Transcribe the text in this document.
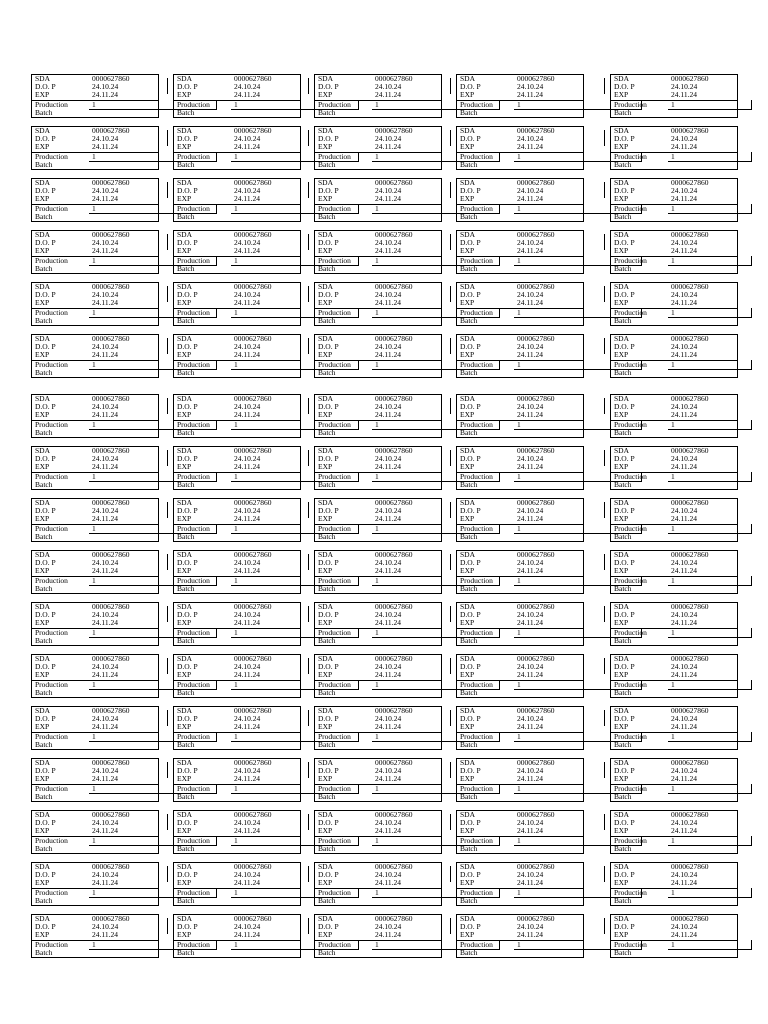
SDA	0000627860
D.O. P	24.10.24
EXP	24.11.24
Production	1
Batch
SDA	0000627860
D.O. P	24.10.24
EXP	24.11.24
Production	1
Batch
SDA	0000627860
D.O. P	24.10.24
EXP	24.11.24
Production	1
Batch
SDA	0000627860
D.O. P	24.10.24
EXP	24.11.24
Production	1
Batch
SDA	0000627860
D.O. P	24.10.24
EXP	24.11.24
Production	1
Batch
SDA	0000627860
D.O. P	24.10.24
EXP	24.11.24
Production	1
Batch
SDA	0000627860
D.O. P	24.10.24
EXP	24.11.24
Production	1
Batch
SDA	0000627860
D.O. P	24.10.24
EXP	24.11.24
Production	1
Batch
SDA	0000627860
D.O. P	24.10.24
EXP	24.11.24
Production	1
Batch
SDA	0000627860
D.O. P	24.10.24
EXP	24.11.24
Production	1
Batch
SDA	0000627860
D.O. P	24.10.24
EXP	24.11.24
Production	1
Batch
SDA	0000627860
D.O. P	24.10.24
EXP	24.11.24
Production	1
Batch
SDA	0000627860
D.O. P	24.10.24
EXP	24.11.24
Production	1
Batch
SDA	0000627860
D.O. P	24.10.24
EXP	24.11.24
Production	1
Batch
SDA	0000627860
D.O. P	24.10.24
EXP	24.11.24
Production	1
Batch
SDA	0000627860
D.O. P	24.10.24
EXP	24.11.24
Production	1
Batch
SDA	0000627860
D.O. P	24.10.24
EXP	24.11.24
Production	1
Batch
SDA	0000627860
D.O. P	24.10.24
EXP	24.11.24
Production	1
Batch
SDA	0000627860
D.O. P	24.10.24
EXP	24.11.24
Production	1
Batch
SDA	0000627860
D.O. P	24.10.24
EXP	24.11.24
Production	1
Batch
SDA	0000627860
D.O. P	24.10.24
EXP	24.11.24
Production	1
Batch
SDA	0000627860
D.O. P	24.10.24
EXP	24.11.24
Production	1
Batch
SDA	0000627860
D.O. P	24.10.24
EXP	24.11.24
Production	1
Batch
SDA	0000627860
D.O. P	24.10.24
EXP	24.11.24
Production	1
Batch
SDA	0000627860
D.O. P	24.10.24
EXP	24.11.24
Production	1
Batch
SDA	0000627860
D.O. P	24.10.24
EXP	24.11.24
Production	1
Batch
SDA	0000627860
D.O. P	24.10.24
EXP	24.11.24
Production	1
Batch
SDA	0000627860
D.O. P	24.10.24
EXP	24.11.24
Production	1
Batch
SDA	0000627860
D.O. P	24.10.24
EXP	24.11.24
Production	1
Batch
SDA	0000627860
D.O. P	24.10.24
EXP	24.11.24
Production	1
Batch
SDA	0000627860
D.O. P	24.10.24
EXP	24.11.24
Production	1
Batch
SDA	0000627860
D.O. P	24.10.24
EXP	24.11.24
Production	1
Batch
SDA	0000627860
D.O. P	24.10.24
EXP	24.11.24
Production	1
Batch
SDA	0000627860
D.O. P	24.10.24
EXP	24.11.24
Production	1
Batch
SDA	0000627860
D.O. P	24.10.24
EXP	24.11.24
Production	1
Batch
SDA	0000627860
D.O. P	24.10.24
EXP	24.11.24
Production	1
Batch
SDA	0000627860
D.O. P	24.10.24
EXP	24.11.24
Production	1
Batch
SDA	0000627860
D.O. P	24.10.24
EXP	24.11.24
Production	1
Batch
SDA	0000627860
D.O. P	24.10.24
EXP	24.11.24
Production	1
Batch
SDA	0000627860
D.O. P	24.10.24
EXP	24.11.24
Production	1
Batch
SDA	0000627860
D.O. P	24.10.24
EXP	24.11.24
Production	1
Batch
SDA	0000627860
D.O. P	24.10.24
EXP	24.11.24
Production	1
Batch
SDA	0000627860
D.O. P	24.10.24
EXP	24.11.24
Production	1
Batch
SDA	0000627860
D.O. P	24.10.24
EXP	24.11.24
Production	1
Batch
SDA	0000627860
D.O. P	24.10.24
EXP	24.11.24
Production	1
Batch
SDA	0000627860
D.O. P	24.10.24
EXP	24.11.24
Production	1
Batch
SDA	0000627860
D.O. P	24.10.24
EXP	24.11.24
Production	1
Batch
SDA	0000627860
D.O. P	24.10.24
EXP	24.11.24
Production	1
Batch
SDA	0000627860
D.O. P	24.10.24
EXP	24.11.24
Production	1
Batch
SDA	0000627860
D.O. P	24.10.24
EXP	24.11.24
Production	1
Batch
SDA	0000627860
D.O. P	24.10.24
EXP	24.11.24
Production	1
Batch
SDA	0000627860
D.O. P	24.10.24
EXP	24.11.24
Production	1
Batch
SDA	0000627860
D.O. P	24.10.24
EXP	24.11.24
Production	1
Batch
SDA	0000627860
D.O. P	24.10.24
EXP	24.11.24
Production	1
Batch
SDA	0000627860
D.O. P	24.10.24
EXP	24.11.24
Production	1
Batch
SDA	0000627860
D.O. P	24.10.24
EXP	24.11.24
Production	1
Batch
SDA	0000627860
D.O. P	24.10.24
EXP	24.11.24
Production	1
Batch
SDA	0000627860
D.O. P	24.10.24
EXP	24.11.24
Production	1
Batch
SDA	0000627860
D.O. P	24.10.24
EXP	24.11.24
Production	1
Batch
SDA	0000627860
D.O. P	24.10.24
EXP	24.11.24
Production	1
Batch
SDA	0000627860
D.O. P	24.10.24
EXP	24.11.24
Production	1
Batch
SDA	0000627860
D.O. P	24.10.24
EXP	24.11.24
Production	1
Batch
SDA	0000627860
D.O. P	24.10.24
EXP	24.11.24
Production	1
Batch
SDA	0000627860
D.O. P	24.10.24
EXP	24.11.24
Production	1
Batch
SDA	0000627860
D.O. P	24.10.24
EXP	24.11.24
Production	1
Batch
SDA	0000627860
D.O. P	24.10.24
EXP	24.11.24
Production	1
Batch
SDA	0000627860
D.O. P	24.10.24
EXP	24.11.24
Production	1
Batch
SDA	0000627860
D.O. P	24.10.24
EXP	24.11.24
Production	1
Batch
SDA	0000627860
D.O. P	24.10.24
EXP	24.11.24
Production	1
Batch
SDA	0000627860
D.O. P	24.10.24
EXP	24.11.24
Production	1
Batch
SDA	0000627860
D.O. P	24.10.24
EXP	24.11.24
Production	1
Batch
SDA	0000627860
D.O. P	24.10.24
EXP	24.11.24
Production	1
Batch
SDA	0000627860
D.O. P	24.10.24
EXP	24.11.24
Production	1
Batch
SDA	0000627860
D.O. P	24.10.24
EXP	24.11.24
Production	1
Batch
SDA	0000627860
D.O. P	24.10.24
EXP	24.11.24
Production	1
Batch
SDA	0000627860
D.O. P	24.10.24
EXP	24.11.24
Production	1
Batch
SDA	0000627860
D.O. P	24.10.24
EXP	24.11.24
Production	1
Batch
SDA	0000627860
D.O. P	24.10.24
EXP	24.11.24
Production	1
Batch
SDA	0000627860
D.O. P	24.10.24
EXP	24.11.24
Production	1
Batch
SDA	0000627860
D.O. P	24.10.24
EXP	24.11.24
Production	1
Batch
SDA	0000627860
D.O. P	24.10.24
EXP	24.11.24
Production	1
Batch
SDA	0000627860
D.O. P	24.10.24
EXP	24.11.24
Production	1
Batch
SDA	0000627860
D.O. P	24.10.24
EXP	24.11.24
Production	1
Batch
SDA	0000627860
D.O. P	24.10.24
EXP	24.11.24
Production	1
Batch
SDA	0000627860
D.O. P	24.10.24
EXP	24.11.24
Production	1
Batch
